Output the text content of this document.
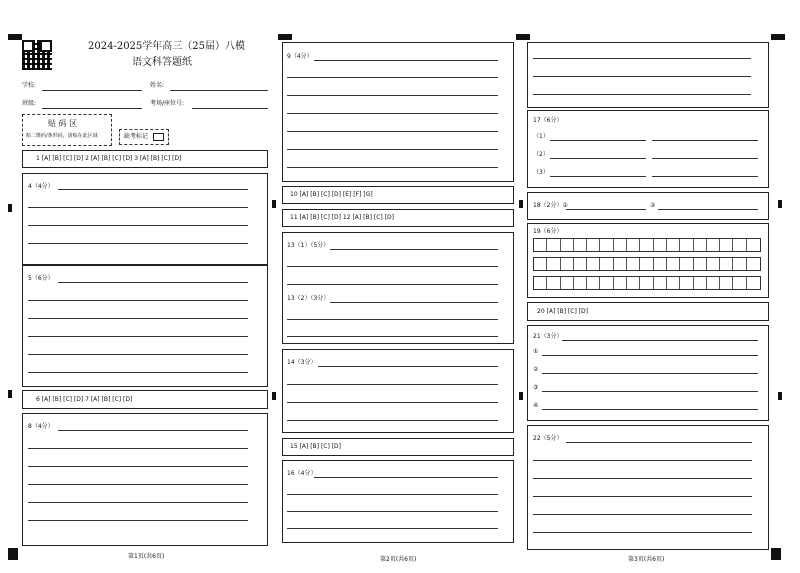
2024-2025学年高三（25届）八模
语文科答题纸
学校:	姓名:
班级:	考场/座位号:
贴 码 区
贴二维码/条形码，请贴在此区域	缺考标记
1 [A] [B] [C] [D] 2 [A] [B] [C] [D] 3 [A] [B] [C] [D]
4（4分）
5（6分）
6 [A] [B] [C] [D] 7 [A] [B] [C] [D]
8（4分）
第1页(共6页)
9（4分）
10 [A] [B] [C] [D] [E] [F] [G]
11 [A] [B] [C] [D] 12 [A] [B] [C] [D]
13（1）（5分）
13（2）（3分）
14（3分）
15 [A] [B] [C] [D]
16（4分）
第2页(共6页)
17（6分）
（1）
（2）
（3）
18（2分）①	②
19（6分）
20 [A] [B] [C] [D]
21（3分）
①
②
③
④
22（5分）
第3页(共6页)
